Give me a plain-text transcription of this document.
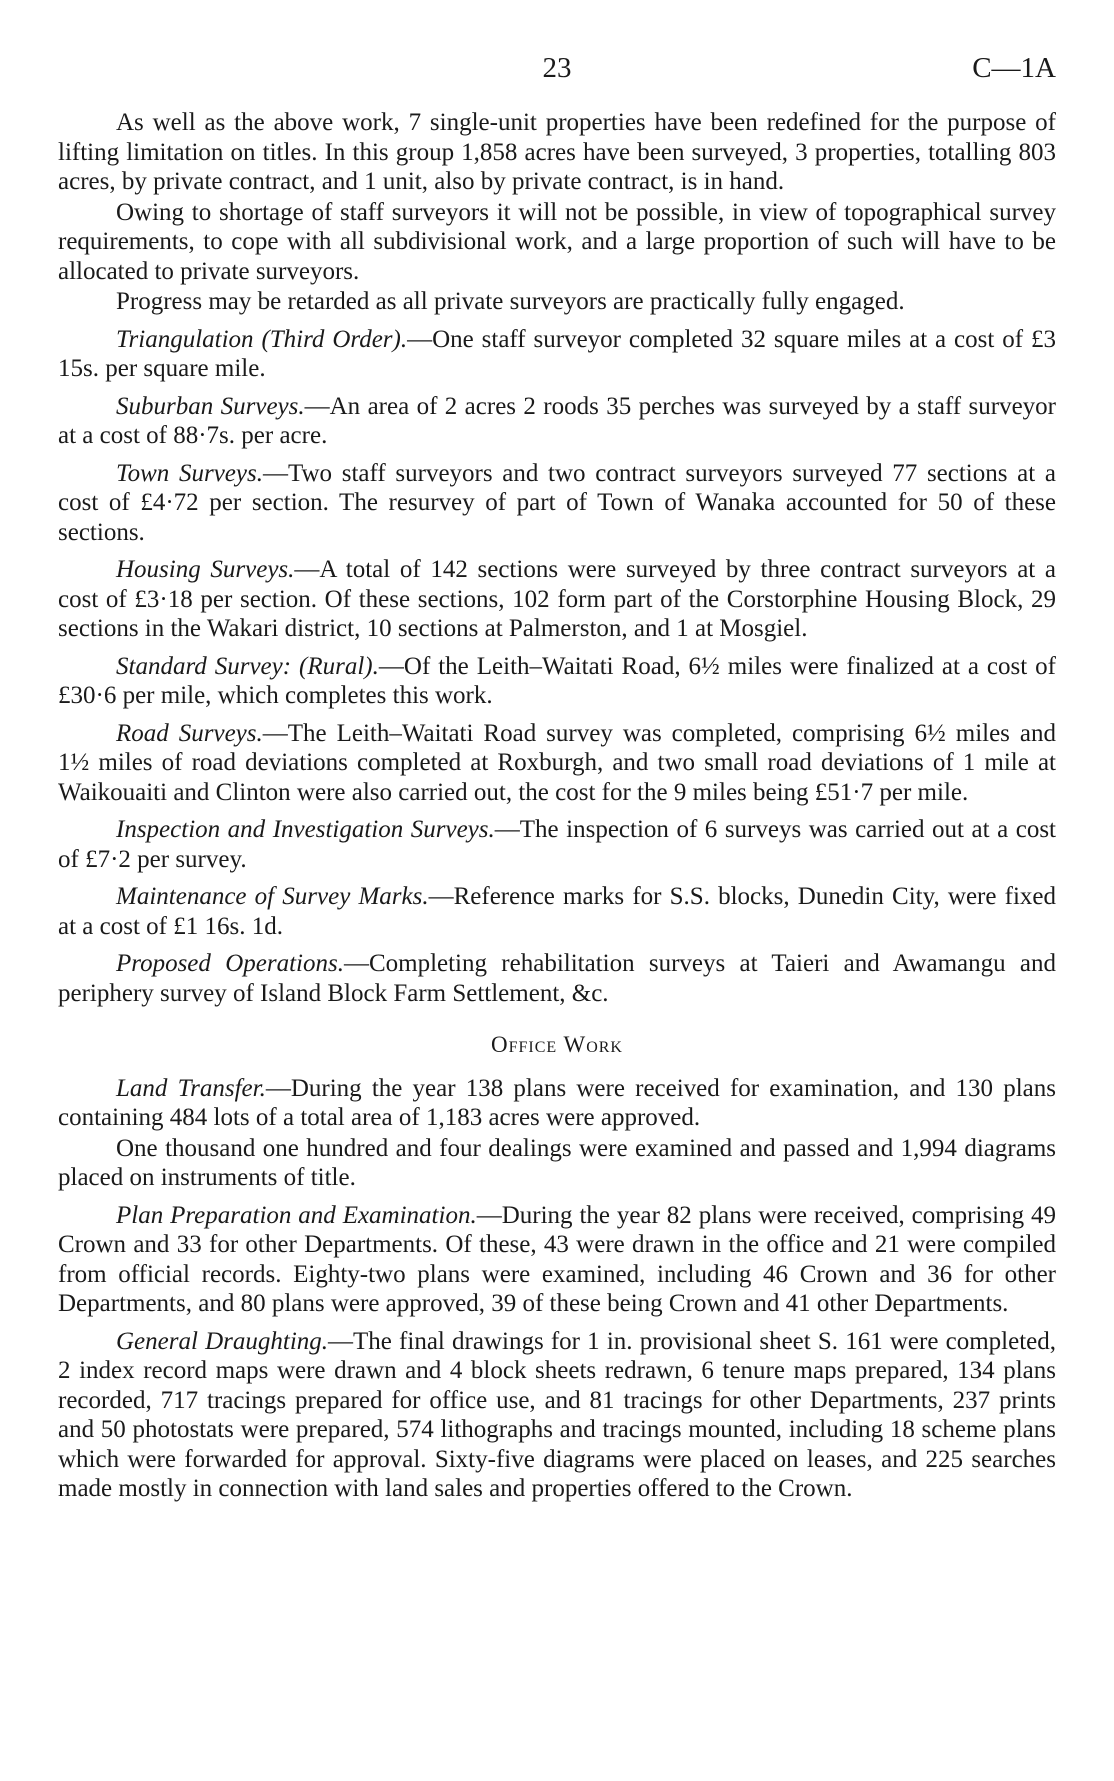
23	C—1A

As well as the above work, 7 single-unit properties have been redefined for the purpose of lifting limitation on titles. In this group 1,858 acres have been surveyed, 3 properties, totalling 803 acres, by private contract, and 1 unit, also by private contract, is in hand.

Owing to shortage of staff surveyors it will not be possible, in view of topographical survey requirements, to cope with all subdivisional work, and a large proportion of such will have to be allocated to private surveyors.

Progress may be retarded as all private surveyors are practically fully engaged.

Triangulation (Third Order).—One staff surveyor completed 32 square miles at a cost of £3 15s. per square mile.

Suburban Surveys.—An area of 2 acres 2 roods 35 perches was surveyed by a staff surveyor at a cost of 88·7s. per acre.

Town Surveys.—Two staff surveyors and two contract surveyors surveyed 77 sections at a cost of £4·72 per section. The resurvey of part of Town of Wanaka accounted for 50 of these sections.

Housing Surveys.—A total of 142 sections were surveyed by three contract surveyors at a cost of £3·18 per section. Of these sections, 102 form part of the Corstorphine Housing Block, 29 sections in the Wakari district, 10 sections at Palmerston, and 1 at Mosgiel.

Standard Survey: (Rural).—Of the Leith–Waitati Road, 6½ miles were finalized at a cost of £30·6 per mile, which completes this work.

Road Surveys.—The Leith–Waitati Road survey was completed, comprising 6½ miles and 1½ miles of road deviations completed at Roxburgh, and two small road deviations of 1 mile at Waikouaiti and Clinton were also carried out, the cost for the 9 miles being £51·7 per mile.

Inspection and Investigation Surveys.—The inspection of 6 surveys was carried out at a cost of £7·2 per survey.

Maintenance of Survey Marks.—Reference marks for S.S. blocks, Dunedin City, were fixed at a cost of £1 16s. 1d.

Proposed Operations.—Completing rehabilitation surveys at Taieri and Awamangu and periphery survey of Island Block Farm Settlement, &c.

Office Work

Land Transfer.—During the year 138 plans were received for examination, and 130 plans containing 484 lots of a total area of 1,183 acres were approved.

One thousand one hundred and four dealings were examined and passed and 1,994 diagrams placed on instruments of title.

Plan Preparation and Examination.—During the year 82 plans were received, comprising 49 Crown and 33 for other Departments. Of these, 43 were drawn in the office and 21 were compiled from official records. Eighty-two plans were examined, including 46 Crown and 36 for other Departments, and 80 plans were approved, 39 of these being Crown and 41 other Departments.

General Draughting.—The final drawings for 1 in. provisional sheet S. 161 were completed, 2 index record maps were drawn and 4 block sheets redrawn, 6 tenure maps prepared, 134 plans recorded, 717 tracings prepared for office use, and 81 tracings for other Departments, 237 prints and 50 photostats were prepared, 574 lithographs and tracings mounted, including 18 scheme plans which were forwarded for approval. Sixty-five diagrams were placed on leases, and 225 searches made mostly in connection with land sales and properties offered to the Crown.
